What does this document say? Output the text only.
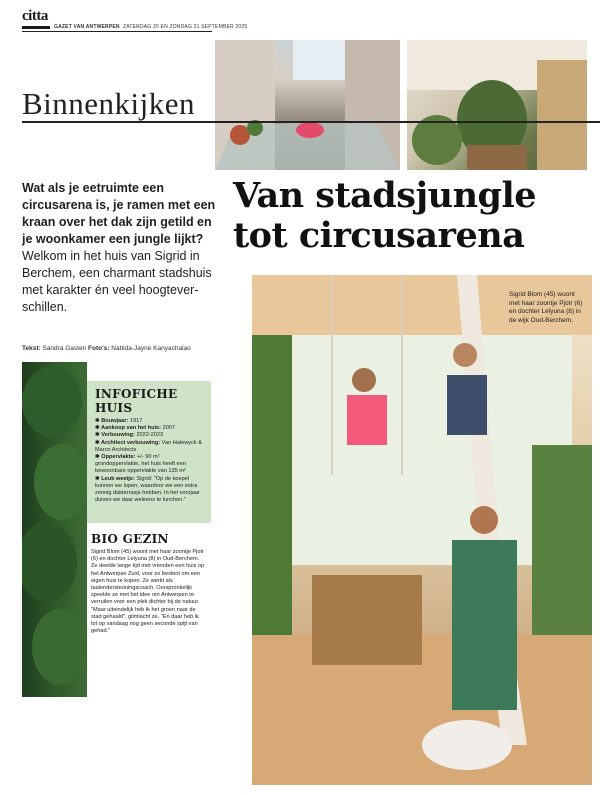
citta
GAZET VAN ANTWERPEN ZATERDAG 20 EN ZONDAG 21 SEPTEMBER 2025
Binnenkijken
Wat als je eetruimte een circusarena is, je ramen met een kraan over het dak zijn getild en je woonkamer een jungle lijkt? Welkom in het huis van Sigrid in Berchem, een charmant stadshuis met karakter én veel hoogtever-schillen.
Van stadsjungle
tot circusarena
Tekst: Sandra Gasten Foto's: Nattida-Jayne Kanyachalao
Sigrid Blom (45) woont met haar zoontje Pjotr (6) en dochter Lelyuna (8) in de wijk Oud-Berchem.
INFOFICHE HUIS
✱ Bouwjaar: 1917
✱ Aankoop van het huis: 2007
✱ Verbouwing: 2022-2023
✱ Architect verbouwing: Van Halewyck & Marco Architects
✱ Oppervlakte: +/- 90 m² grondoppervlakte, het huis heeft een bewoonbare oppervlakte van 135 m²
✱ Leuk weetje: Sigrid: "Op de koepel kunnen we lopen, waardoor we een extra zonnig dakterrasje hebben. In het voorjaar duiven we daar weleens te lunchen."
BIO GEZIN
Sigrid Blom (45) woont met haar zoontje Pjotr (6) en dochter Lelyuna (8) in Oud-Berchem. Ze deelde lange tijd met vrienden een huis op het Antwerpse Zuid, voor ze besloot om een eigen huis te kopen. Ze werkt als taalondersteuningscoach. Oorspronkelijk speelde ze met het idee om Antwerpen te verruilen voor een plek dichter bij de natuur. "Maar uiteindelijk heb ik het groen naar de stad gehaald", glimlacht ze. "En daar heb ik tot op vandaag nog geen seconde spijt van gehad."
